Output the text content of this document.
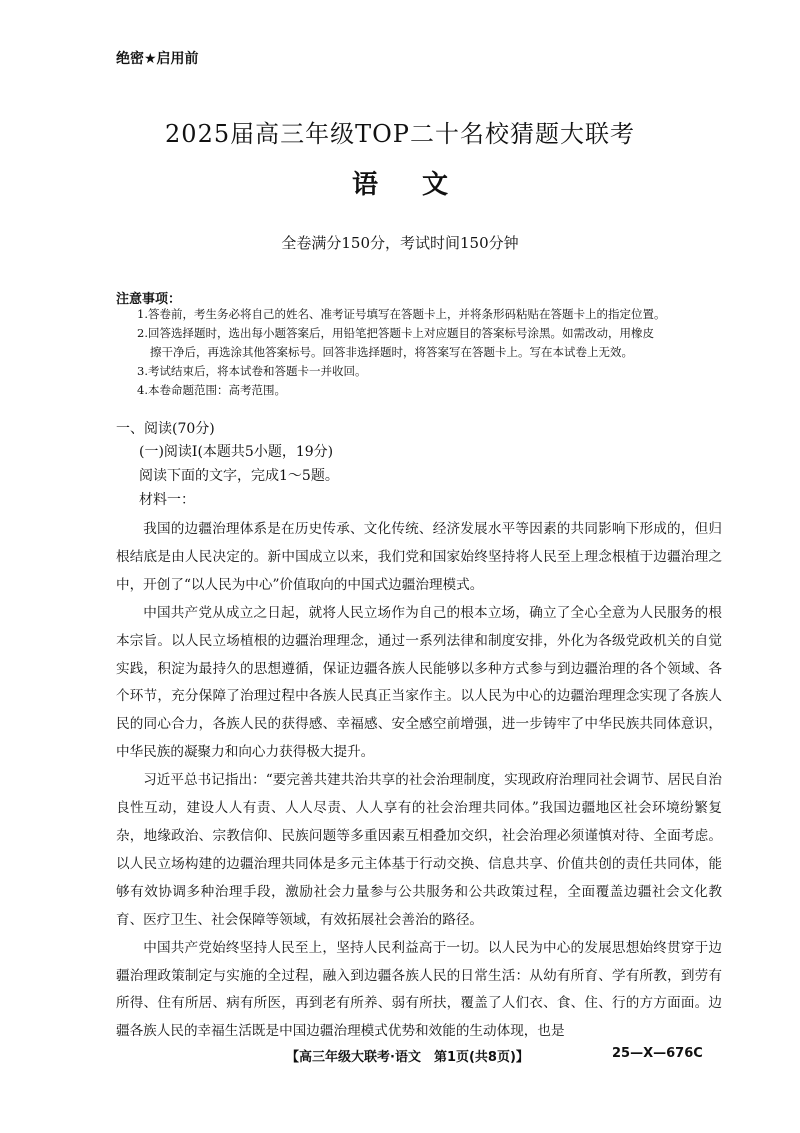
绝密★启用前
2025届高三年级TOP二十名校猜题大联考
语文
全卷满分150分，考试时间150分钟
注意事项：
1.答卷前，考生务必将自己的姓名、准考证号填写在答题卡上，并将条形码粘贴在答题卡上的指定位置。
2.回答选择题时，选出每小题答案后，用铅笔把答题卡上对应题目的答案标号涂黑。如需改动，用橡皮
擦干净后，再选涂其他答案标号。回答非选择题时，将答案写在答题卡上。写在本试卷上无效。
3.考试结束后，将本试卷和答题卡一并收回。
4.本卷命题范围：高考范围。
一、阅读(70分)
(一)阅读Ⅰ(本题共5小题，19分)
阅读下面的文字，完成1～5题。
材料一：

我国的边疆治理体系是在历史传承、文化传统、经济发展水平等因素的共同影响下形成的，但归根结底是由人民决定的。新中国成立以来，我们党和国家始终坚持将人民至上理念根植于边疆治理之中，开创了“以人民为中心”价值取向的中国式边疆治理模式。

中国共产党从成立之日起，就将人民立场作为自己的根本立场，确立了全心全意为人民服务的根本宗旨。以人民立场植根的边疆治理理念，通过一系列法律和制度安排，外化为各级党政机关的自觉实践，积淀为最持久的思想遵循，保证边疆各族人民能够以多种方式参与到边疆治理的各个领域、各个环节，充分保障了治理过程中各族人民真正当家作主。以人民为中心的边疆治理理念实现了各族人民的同心合力，各族人民的获得感、幸福感、安全感空前增强，进一步铸牢了中华民族共同体意识，中华民族的凝聚力和向心力获得极大提升。

习近平总书记指出：“要完善共建共治共享的社会治理制度，实现政府治理同社会调节、居民自治良性互动，建设人人有责、人人尽责、人人享有的社会治理共同体。”我国边疆地区社会环境纷繁复杂，地缘政治、宗教信仰、民族问题等多重因素互相叠加交织，社会治理必须谨慎对待、全面考虑。以人民立场构建的边疆治理共同体是多元主体基于行动交换、信息共享、价值共创的责任共同体，能够有效协调多种治理手段，激励社会力量参与公共服务和公共政策过程，全面覆盖边疆社会文化教育、医疗卫生、社会保障等领域，有效拓展社会善治的路径。

中国共产党始终坚持人民至上，坚持人民利益高于一切。以人民为中心的发展思想始终贯穿于边疆治理政策制定与实施的全过程，融入到边疆各族人民的日常生活：从幼有所育、学有所教，到劳有所得、住有所居、病有所医，再到老有所养、弱有所扶，覆盖了人们衣、食、住、行的方方面面。边疆各族人民的幸福生活既是中国边疆治理模式优势和效能的生动体现，也是

【高三年级大联考·语文　第1页(共8页)】	25—X—676C
